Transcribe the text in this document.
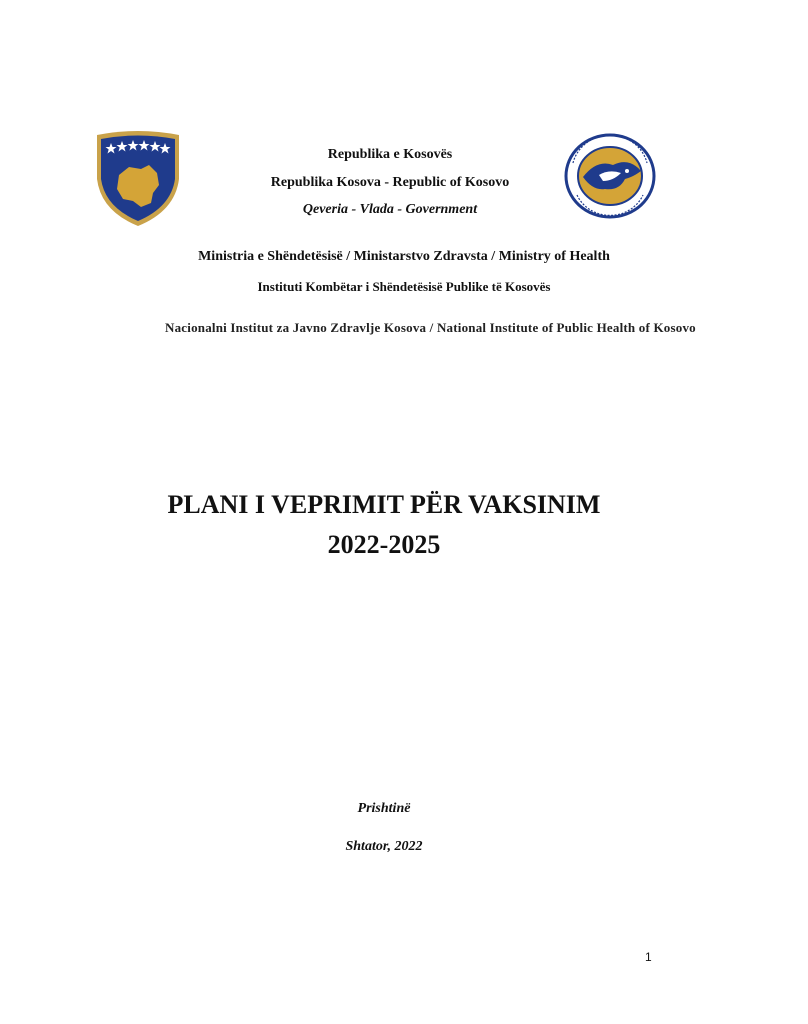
Republika e Kosovës
Republika Kosova - Republic of Kosovo
Qeveria - Vlada - Government
Ministria e Shëndetësisë / Ministarstvo Zdravsta / Ministry of Health
Instituti Kombëtar i Shëndetësisë Publike të Kosovës
Nacionalni Institut za Javno Zdravlje Kosova / National Institute of Public Health of Kosovo
PLANI I VEPRIMIT PËR VAKSINIM
2022-2025
Prishtinë
Shtator, 2022
1
